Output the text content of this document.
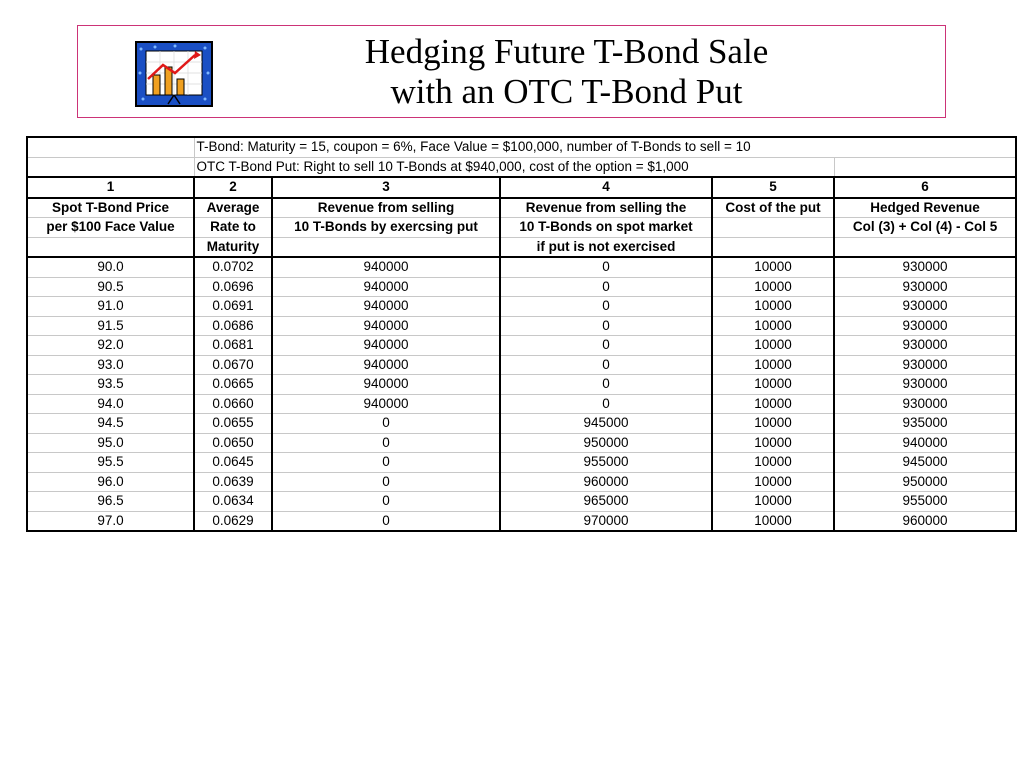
Hedging Future T-Bond Sale
with an OTC T-Bond Put
	T-Bond: Maturity = 15, coupon = 6%, Face Value = $100,000, number of T-Bonds to sell = 10				
	OTC T-Bond Put: Right to sell 10 T-Bonds at $940,000, cost of the option = $1,000				
1	2	3	4	5	6
Spot T-Bond Price	Average	Revenue from selling	Revenue from selling the	Cost of the put	Hedged Revenue
per $100 Face Value	Rate to	10 T-Bonds by exercsing put	10 T-Bonds on spot market		Col (3) + Col (4) - Col 5
	Maturity		if put is not exercised		
90.0	0.0702	940000	0	10000	930000
90.5	0.0696	940000	0	10000	930000
91.0	0.0691	940000	0	10000	930000
91.5	0.0686	940000	0	10000	930000
92.0	0.0681	940000	0	10000	930000
93.0	0.0670	940000	0	10000	930000
93.5	0.0665	940000	0	10000	930000
94.0	0.0660	940000	0	10000	930000
94.5	0.0655	0	945000	10000	935000
95.0	0.0650	0	950000	10000	940000
95.5	0.0645	0	955000	10000	945000
96.0	0.0639	0	960000	10000	950000
96.5	0.0634	0	965000	10000	955000
97.0	0.0629	0	970000	10000	960000
